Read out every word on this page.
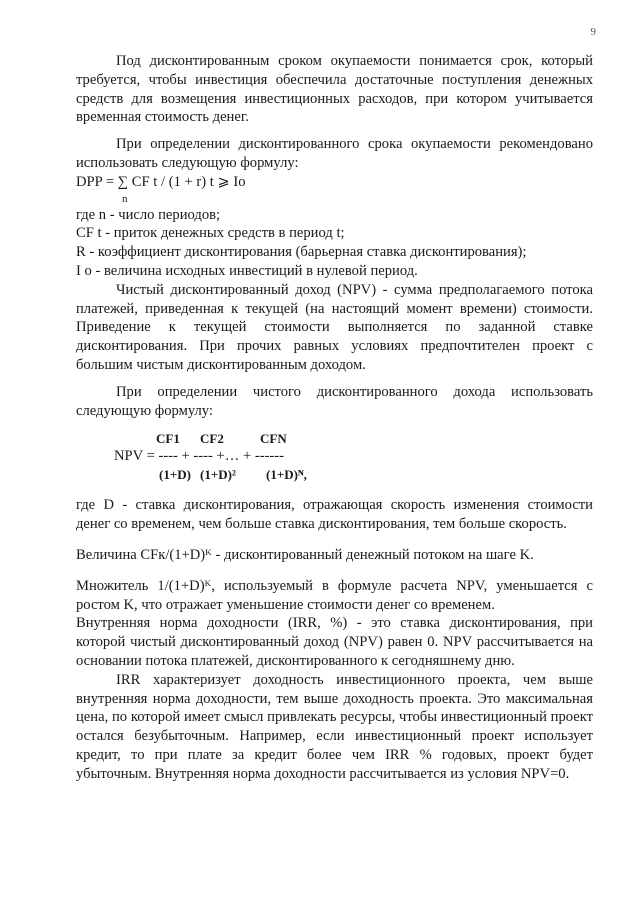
9

Под дисконтированным сроком окупаемости понимается срок, который требуется, чтобы инвестиция обеспечила достаточные поступления денежных средств для возмещения инвестиционных расходов, при котором учитывается временная стоимость денег.

При определении дисконтированного срока окупаемости рекомендовано использовать следующую формулу:

DPP = ∑ CF t / (1 + r) t ⩾ Io

n

где n - число периодов;

CF t - приток денежных средств в период t;

R - коэффициент дисконтирования (барьерная ставка дисконтирования);

I o - величина исходных инвестиций в нулевой период.

Чистый дисконтированный доход (NPV) - сумма предполагаемого потока платежей, приведенная к текущей (на настоящий момент времени) стоимости. Приведение к текущей стоимости выполняется по заданной ставке дисконтирования. При прочих равных условиях предпочтителен проект с большим чистым дисконтированным доходом.

При определении чистого дисконтированного дохода использовать следующую формулу:

CF1 CF2	CFN
NPV = ---- + ---- +… + ------
(1+D) (1+D)² (1+D)ᴺ,

где D - ставка дисконтирования, отражающая скорость изменения стоимости денег со временем, чем больше ставка дисконтирования, тем больше скорость.

Величина CFк/(1+D)ᴷ - дисконтированный денежный потоком на шаге K.

Множитель 1/(1+D)ᴷ, используемый в формуле расчета NPV, уменьшается с ростом K, что отражает уменьшение стоимости денег со временем.

Внутренняя норма доходности (IRR, %) - это ставка дисконтирования, при которой чистый дисконтированный доход (NPV) равен 0. NPV рассчитывается на основании потока платежей, дисконтированного к сегодняшнему дню.

IRR характеризует доходность инвестиционного проекта, чем выше внутренняя норма доходности, тем выше доходность проекта. Это максимальная цена, по которой имеет смысл привлекать ресурсы, чтобы инвестиционный проект остался безубыточным. Например, если инвестиционный проект использует кредит, то при плате за кредит более чем IRR % годовых, проект будет убыточным. Внутренняя норма доходности рассчитывается из условия NPV=0.
